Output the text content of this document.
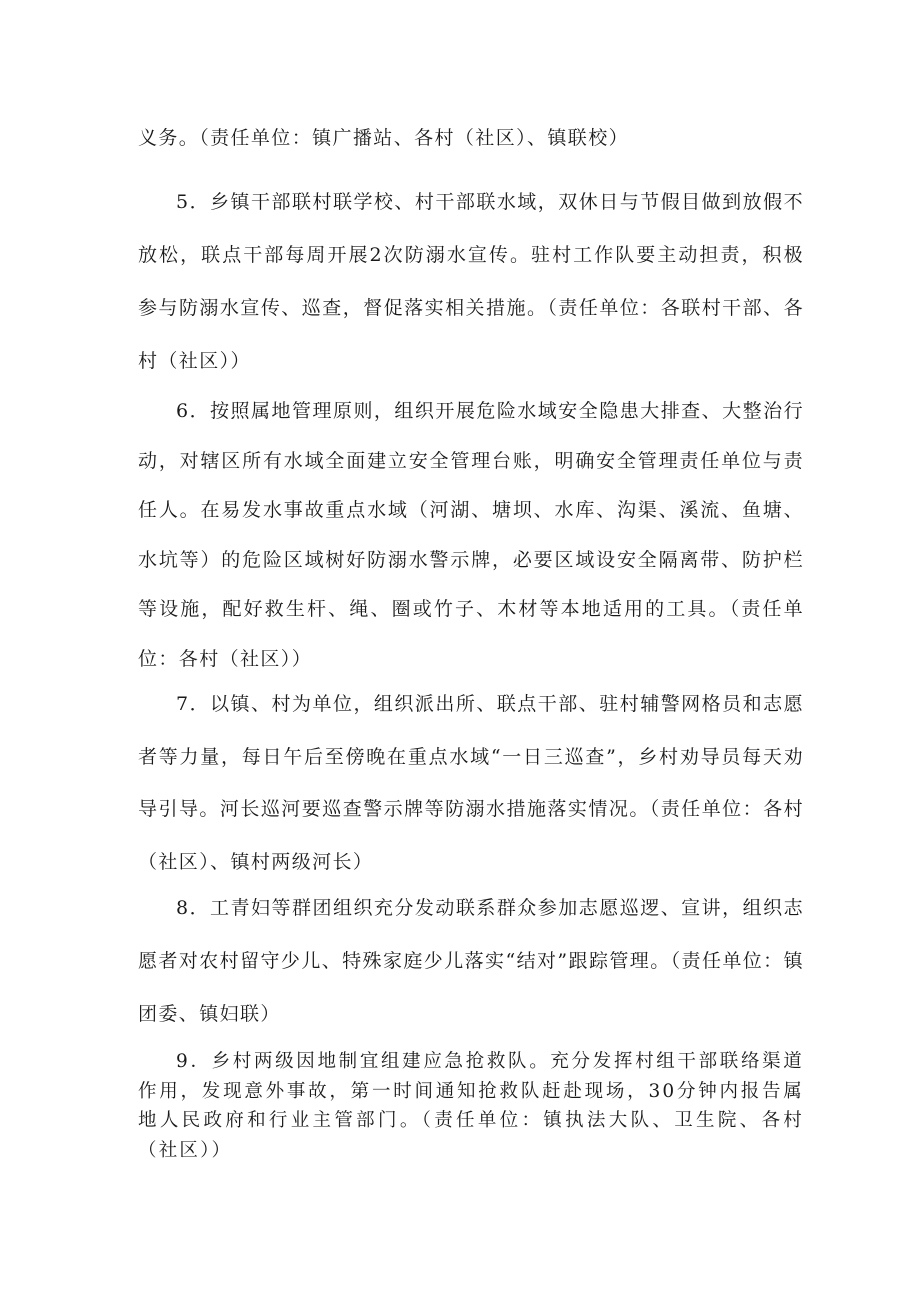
义务。（责任单位：镇广播站、各村（社区）、镇联校）

5．乡镇干部联村联学校、村干部联水域，双休日与节假目做到放假不放松，联点干部每周开展2次防溺水宣传。驻村工作队要主动担责，积极参与防溺水宣传、巡查，督促落实相关措施。（责任单位：各联村干部、各村（社区））

6．按照属地管理原则，组织开展危险水域安全隐患大排查、大整治行动，对辖区所有水域全面建立安全管理台账，明确安全管理责任单位与责任人。在易发水事故重点水域（河湖、塘坝、水库、沟渠、溪流、鱼塘、水坑等）的危险区域树好防溺水警示牌，必要区域设安全隔离带、防护栏等设施，配好救生杆、绳、圈或竹子、木材等本地适用的工具。（责任单位：各村（社区））

7．以镇、村为单位，组织派出所、联点干部、驻村辅警网格员和志愿者等力量，每日午后至傍晚在重点水域“一日三巡查”，乡村劝导员每天劝导引导。河长巡河要巡查警示牌等防溺水措施落实情况。（责任单位：各村（社区）、镇村两级河长）

8．工青妇等群团组织充分发动联系群众参加志愿巡逻、宣讲，组织志愿者对农村留守少儿、特殊家庭少儿落实“结对”跟踪管理。（责任单位：镇团委、镇妇联）

9．乡村两级因地制宜组建应急抢救队。充分发挥村组干部联络渠道作用，发现意外事故，第一时间通知抢救队赶赴现场，30分钟内报告属地人民政府和行业主管部门。（责任单位：镇执法大队、卫生院、各村（社区））
